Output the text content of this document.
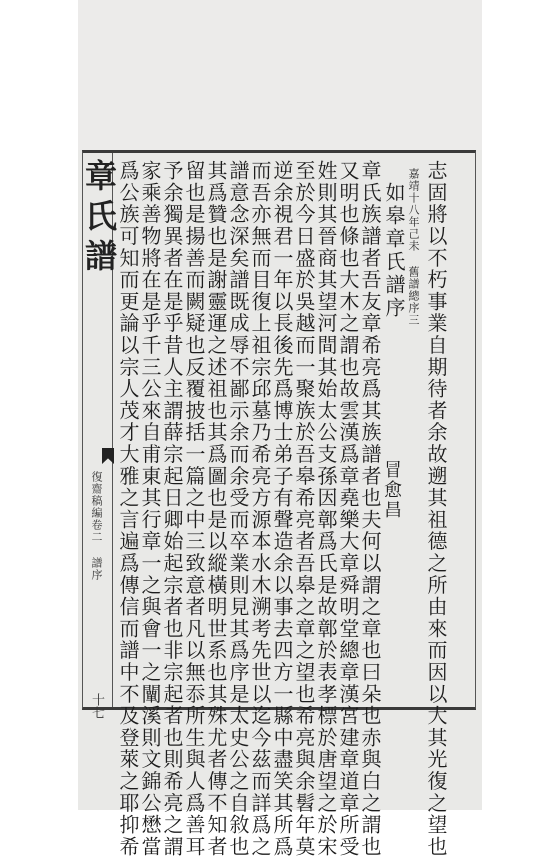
章氏譜
復齋稿編卷二 譜序
十七 爲公族可知而更論以宗人茂才大雅之言遍爲傳信而譜中不及登萊之耶抑希
家乘善物將在是乎千三公來自甫東其行章一之與會一之闡溪則文錦公懋當
予余獨異者在是乎昔人主謂薛宗起日卿始起宗者也非宗起者也則希亮之謂
留也是揚善而闕疑也反覆披括一篇之中三致意者凡以無忝所生與人爲善耳
其爲贊也是謝靈運之述祖也其爲圖也是以縱橫明世系也其殊尤者傳不知者
譜意念深矣譜既成辱不鄙示余而余受而卒業則見其爲序是太史公之自敘也
而吾亦無而目復上祖宗邱墓乃希亮方源本水木溯考先世以迄今茲而詳爲之
逆余視君一年以長後先爲博士弟子有聲造余以事去四方一縣中盡笑其所爲
至於今日盛於吳越而一聚族於吾皋希亮者吾皋之章之望也希亮與余髫年莫
姓則其晉商其望河間其始太公支孫因鄣爲氏是故鄣於表孝標於唐望之於宋
又明也條也大木之謂也故雲漢爲章堯樂大章舜明堂總章漢宮建章道章所受
章氏族譜者吾友章希亮爲其族譜者也夫何以謂之章也曰朵也赤與白之謂也 冒愈昌
如皋章氏譜序 嘉靖十八年己未 舊譜總序三 志固將以不朽事業自期待者余故遡其祖德之所由來而因以大其光復之望也
